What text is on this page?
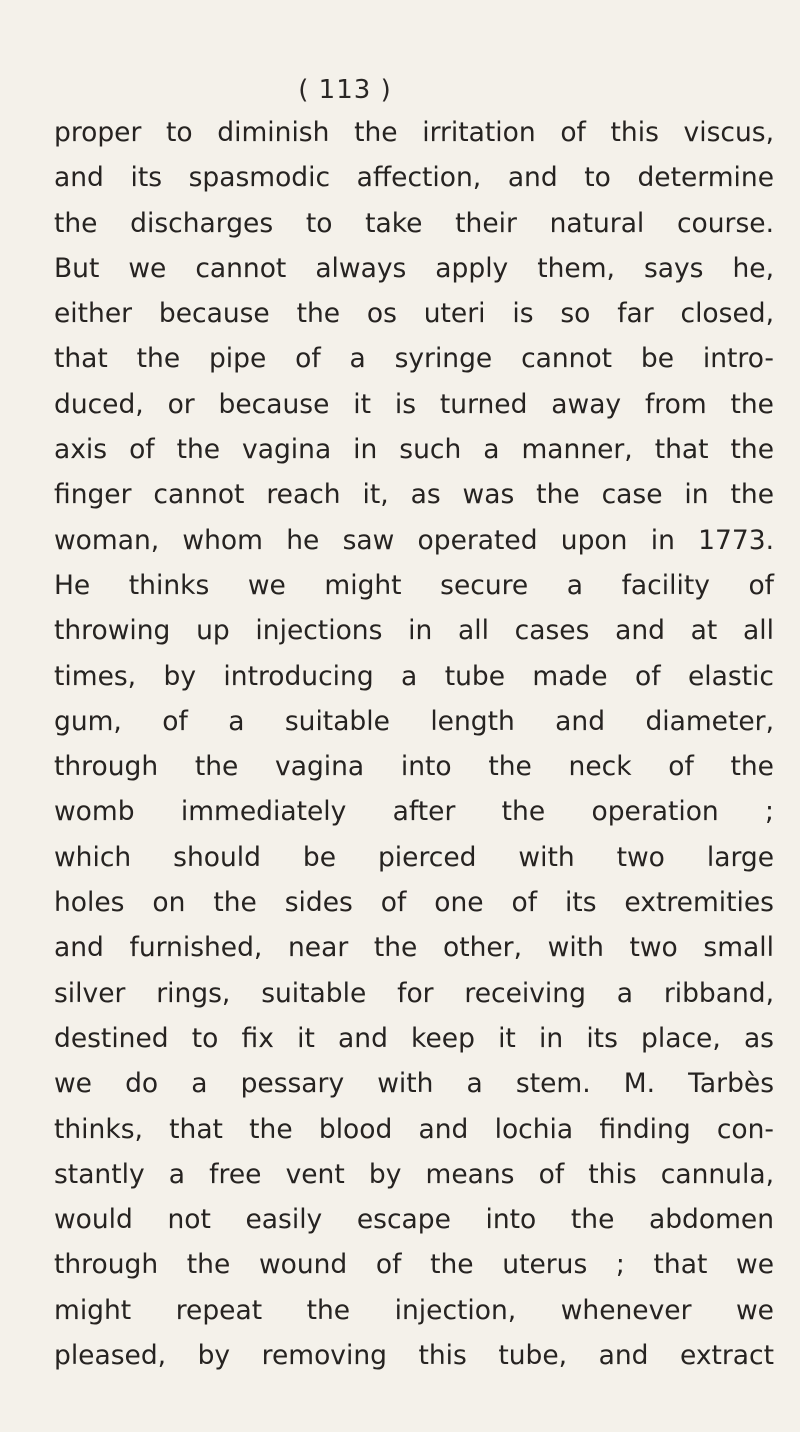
( 113 )
proper to diminish the irritation of this viscus,
and its spasmodic affection, and to determine
the discharges to take their natural course.
But we cannot always apply them, says he,
either because the os uteri is so far closed,
that the pipe of a syringe cannot be intro-
duced, or because it is turned away from the
axis of the vagina in such a manner, that the
finger cannot reach it, as was the case in the
woman, whom he saw operated upon in 1773.
He thinks we might secure a facility of
throwing up injections in all cases and at all
times, by introducing a tube made of elastic
gum, of a suitable length and diameter,
through the vagina into the neck of the
womb immediately after the operation ;
which should be pierced with two large
holes on the sides of one of its extremities
and furnished, near the other, with two small
silver rings, suitable for receiving a ribband,
destined to fix it and keep it in its place, as
we do a pessary with a stem. M. Tarbès
thinks, that the blood and lochia finding con-
stantly a free vent by means of this cannula,
would not easily escape into the abdomen
through the wound of the uterus ; that we
might repeat the injection, whenever we
pleased, by removing this tube, and extract
